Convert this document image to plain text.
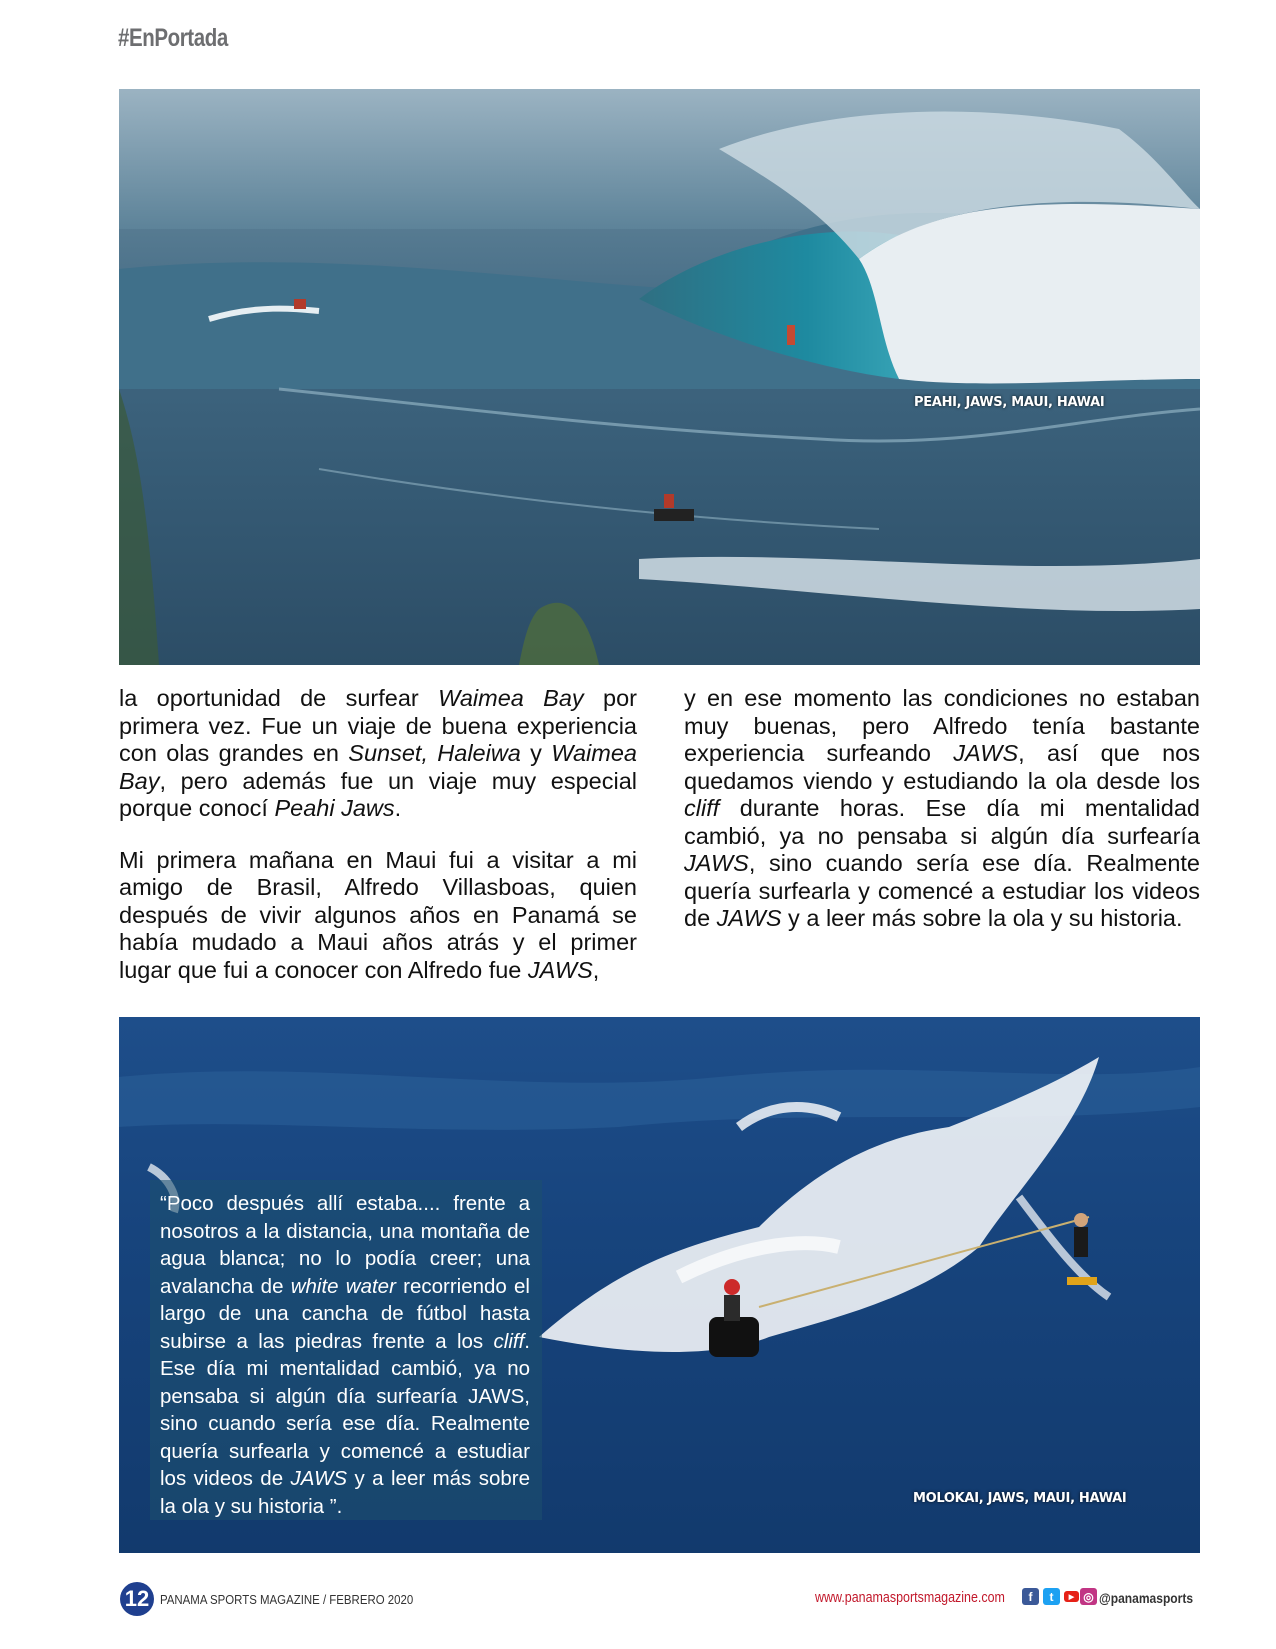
#EnPortada
PEAHI, JAWS, MAUI, HAWAI

la oportunidad de surfear Waimea Bay por primera vez. Fue un viaje de buena experiencia con olas grandes en Sunset, Haleiwa y Waimea Bay, pero además fue un viaje muy especial porque conocí Peahi Jaws.

Mi primera mañana en Maui fui a visitar a mi amigo de Brasil, Alfredo Villasboas, quien después de vivir algunos años en Panamá se había mudado a Maui años atrás y el primer lugar que fui a conocer con Alfredo fue JAWS,

y en ese momento las condiciones no estaban muy buenas, pero Alfredo tenía bastante experiencia surfeando JAWS, así que nos quedamos viendo y estudiando la ola desde los cliff durante horas. Ese día mi mentalidad cambió, ya no pensaba si algún día surfearía JAWS, sino cuando sería ese día. Realmente quería surfearla y comencé a estudiar los videos de JAWS y a leer más sobre la ola y su historia.

MOLOKAI, JAWS, MAUI, HAWAI
“Poco después allí estaba.... frente a nosotros a la distancia, una montaña de agua blanca; no lo podía creer; una avalancha de white water recorriendo el largo de una cancha de fútbol hasta subirse a las piedras frente a los cliff. Ese día mi mentalidad cambió, ya no pensaba si algún día surfearía JAWS, sino cuando sería ese día. Realmente quería surfearla y comencé a estudiar los videos de JAWS y a leer más sobre la ola y su historia ”.
12 PANAMA SPORTS MAGAZINE / FEBRERO 2020	www.panamasportsmagazine.com	f	t	▶ ◎ @panamasports
